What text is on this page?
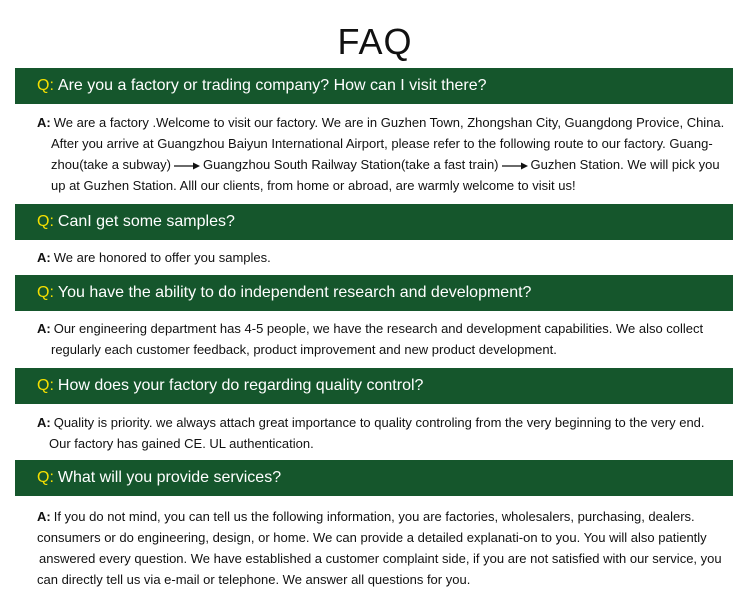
FAQ
Q: Are you a factory or trading company? How can I visit there?
A: We are a factory .Welcome to visit our factory. We are in Guzhen Town, Zhongshan City, Guangdong Provice, China.
After you arrive at Guangzhou Baiyun International Airport, please refer to the following route to our factory. Guang-
zhou(take a subway) Guangzhou South Railway Station(take a fast train) Guzhen Station. We will pick you
up at Guzhen Station. Alll our clients, from home or abroad, are warmly welcome to visit us!
Q: CanI get some samples?
A: We are honored to offer you samples.
Q: You have the ability to do independent research and development?
A: Our engineering department has 4-5 people, we have the research and development capabilities. We also collect
regularly each customer feedback, product improvement and new product development.
Q: How does your factory do regarding quality control?
A: Quality is priority. we always attach great importance to quality controling from the very beginning to the very end.
Our factory has gained CE. UL authentication.
Q: What will you provide services?
A: If you do not mind, you can tell us the following information, you are factories, wholesalers, purchasing, dealers.
consumers or do engineering, design, or home. We can provide a detailed explanati-on to you. You will also patiently
answered every question. We have established a customer complaint side, if you are not satisfied with our service, you
can directly tell us via e-mail or telephone. We answer all questions for you.
